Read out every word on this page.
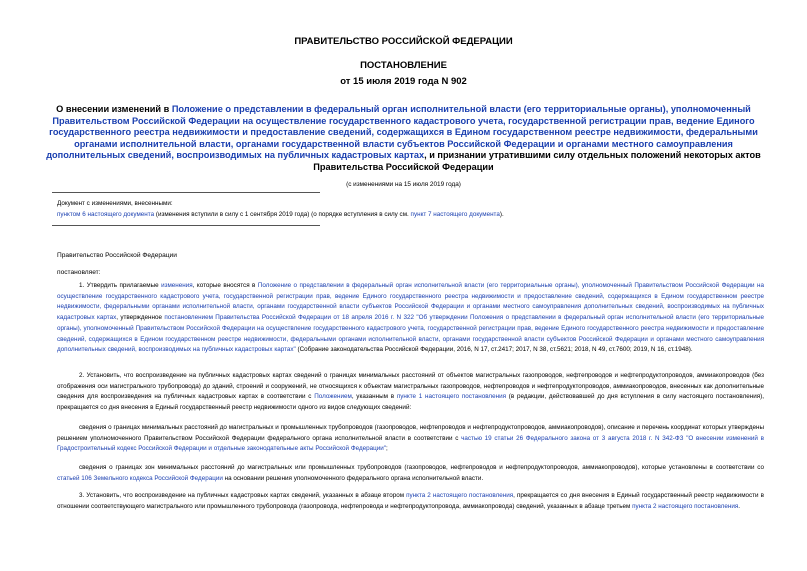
ПРАВИТЕЛЬСТВО РОССИЙСКОЙ ФЕДЕРАЦИИ
ПОСТАНОВЛЕНИЕ
от 15 июля 2019 года N 902
О внесении изменений в Положение о представлении в федеральный орган исполнительной власти (его территориальные органы), уполномоченный Правительством Российской Федерации на осуществление государственного кадастрового учета, государственной регистрации прав, ведение Единого государственного реестра недвижимости и предоставление сведений, содержащихся в Едином государственном реестре недвижимости, федеральными органами исполнительной власти, органами государственной власти субъектов Российской Федерации и органами местного самоуправления дополнительных сведений, воспроизводимых на публичных кадастровых картах, и признании утратившими силу отдельных положений некоторых актов Правительства Российской Федерации
(с изменениями на 15 июля 2019 года)
Документ с изменениями, внесенными:
пунктом 6 настоящего документа (изменения вступили в силу с 1 сентября 2019 года) (о порядке вступления в силу см. пункт 7 настоящего документа).
Правительство Российской Федерации
постановляет:
1. Утвердить прилагаемые изменения, которые вносятся в Положение о представлении в федеральный орган исполнительной власти (его территориальные органы), уполномоченный Правительством Российской Федерации на осуществление государственного кадастрового учета, государственной регистрации прав, ведение Единого государственного реестра недвижимости и предоставление сведений, содержащихся в Едином государственном реестре недвижимости, федеральными органами исполнительной власти, органами государственной власти субъектов Российской Федерации и органами местного самоуправления дополнительных сведений, воспроизводимых на публичных кадастровых картах, утвержденное постановлением Правительства Российской Федерации от 18 апреля 2016 г. N 322 "Об утверждении Положения о представлении в федеральный орган исполнительной власти (его территориальные органы), уполномоченный Правительством Российской Федерации на осуществление государственного кадастрового учета, государственной регистрации прав, ведение Единого государственного реестра недвижимости и предоставление сведений, содержащихся в Едином государственном реестре недвижимости, федеральными органами исполнительной власти, органами государственной власти субъектов Российской Федерации и органами местного самоуправления дополнительных сведений, воспроизводимых на публичных кадастровых картах" (Собрание законодательства Российской Федерации, 2016, N 17, ст.2417; 2017, N 38, ст.5621; 2018, N 49, ст.7600; 2019, N 16, ст.1948).
2. Установить, что воспроизведение на публичных кадастровых картах сведений о границах минимальных расстояний от объектов магистральных газопроводов, нефтепроводов и нефтепродуктопроводов, аммиакопроводов (без отображения оси магистрального трубопровода) до зданий, строений и сооружений, не относящихся к объектам магистральных газопроводов, нефтепроводов и нефтепродуктопроводов, аммиакопроводов, внесенных как дополнительные сведения для воспроизведения на публичных кадастровых картах в соответствии с Положением, указанным в пункте 1 настоящего постановления (в редакции, действовавшей до дня вступления в силу настоящего постановления), прекращается со дня внесения в Единый государственный реестр недвижимости одного из видов следующих сведений:
сведения о границах минимальных расстояний до магистральных и промышленных трубопроводов (газопроводов, нефтепроводов и нефтепродуктопроводов, аммиакопроводов), описание и перечень координат которых утверждены решением уполномоченного Правительством Российской Федерации федерального органа исполнительной власти в соответствии с частью 19 статьи 26 Федерального закона от 3 августа 2018 г. N 342-ФЗ "О внесении изменений в Градостроительный кодекс Российской Федерации и отдельные законодательные акты Российской Федерации";
сведения о границах зон минимальных расстояний до магистральных или промышленных трубопроводов (газопроводов, нефтепроводов и нефтепродуктопроводов, аммиакопроводов), которые установлены в соответствии со статьей 106 Земельного кодекса Российской Федерации на основании решения уполномоченного федерального органа исполнительной власти.
3. Установить, что воспроизведение на публичных кадастровых картах сведений, указанных в абзаце втором пункта 2 настоящего постановления, прекращается со дня внесения в Единый государственный реестр недвижимости в отношении соответствующего магистрального или промышленного трубопровода (газопровода, нефтепровода и нефтепродуктопровода, аммиакопровода) сведений, указанных в абзаце третьем пункта 2 настоящего постановления.
